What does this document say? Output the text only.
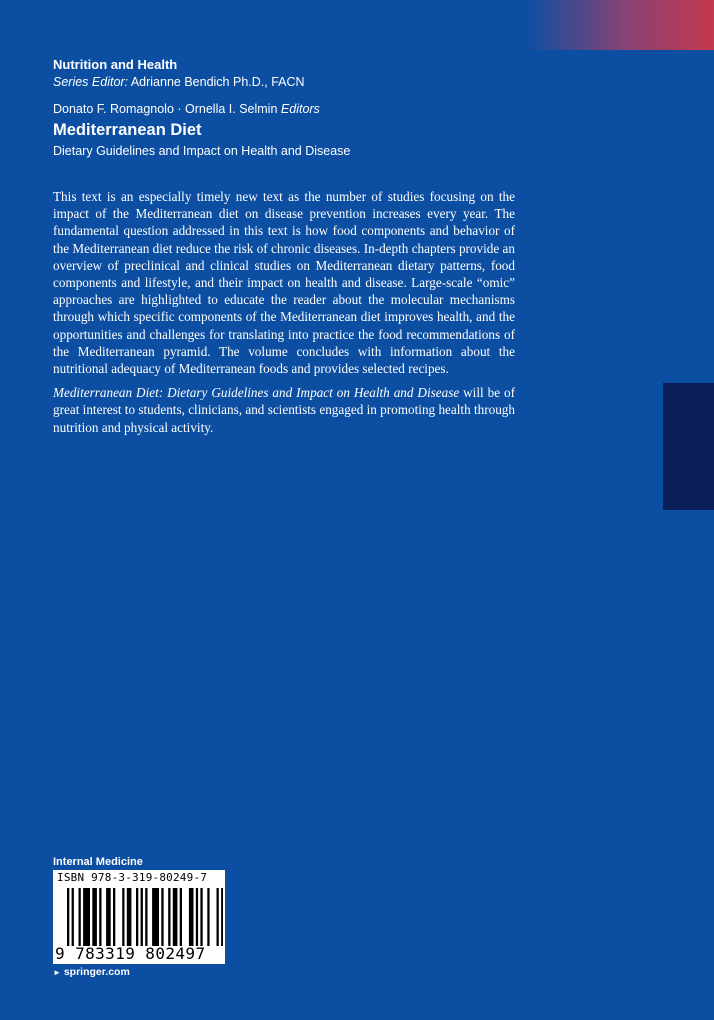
Nutrition and Health
Series Editor: Adrianne Bendich Ph.D., FACN
Donato F. Romagnolo · Ornella I. Selmin Editors
Mediterranean Diet
Dietary Guidelines and Impact on Health and Disease

This text is an especially timely new text as the number of studies focusing on the impact of the Mediterranean diet on disease prevention increases every year. The fundamental question addressed in this text is how food components and behavior of the Mediterranean diet reduce the risk of chronic diseases. In-depth chapters provide an overview of preclinical and clinical studies on Mediterranean dietary patterns, food components and lifestyle, and their impact on health and disease. Large-scale “omic” approaches are highlighted to educate the reader about the molecular mechanisms through which specific components of the Mediterranean diet improves health, and the opportunities and challenges for translating into practice the food recommendations of the Mediterranean pyramid. The volume concludes with information about the nutritional adequacy of Mediterranean foods and provides selected recipes.

Mediterranean Diet: Dietary Guidelines and Impact on Health and Disease will be of great interest to students, clinicians, and scientists engaged in promoting health through nutrition and physical activity.

Internal Medicine
ISBN 978-3-319-80249-7
9 783319 802497
► springer.com
